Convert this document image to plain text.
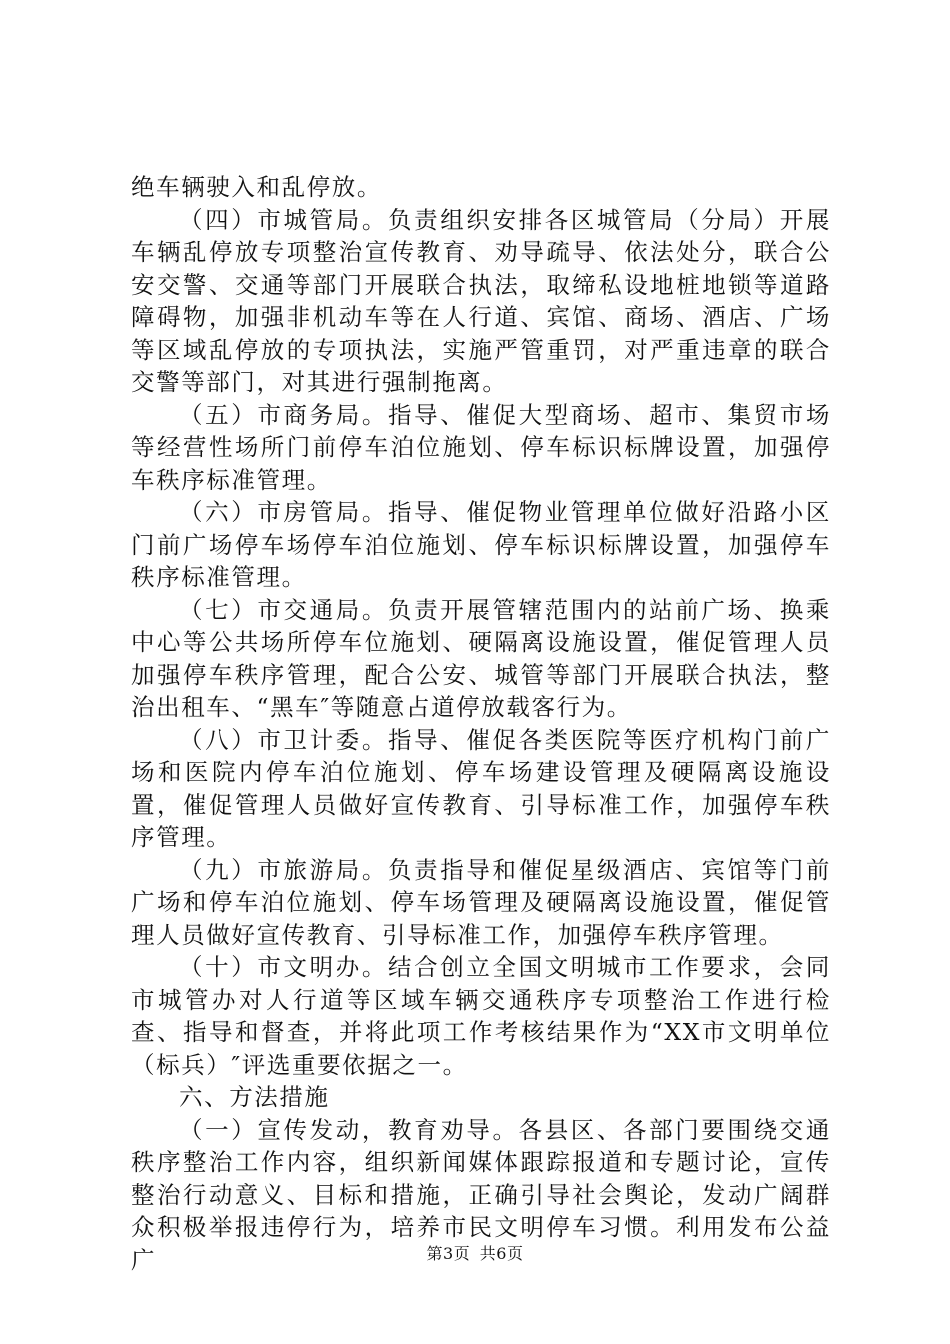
绝车辆驶入和乱停放。

（四）市城管局。负责组织安排各区城管局（分局）开展车辆乱停放专项整治宣传教育、劝导疏导、依法处分，联合公安交警、交通等部门开展联合执法，取缔私设地桩地锁等道路障碍物，加强非机动车等在人行道、宾馆、商场、酒店、广场等区域乱停放的专项执法，实施严管重罚，对严重违章的联合交警等部门，对其进行强制拖离。

（五）市商务局。指导、催促大型商场、超市、集贸市场等经营性场所门前停车泊位施划、停车标识标牌设置，加强停车秩序标准管理。

（六）市房管局。指导、催促物业管理单位做好沿路小区门前广场停车场停车泊位施划、停车标识标牌设置，加强停车秩序标准管理。

（七）市交通局。负责开展管辖范围内的站前广场、换乘中心等公共场所停车位施划、硬隔离设施设置，催促管理人员加强停车秩序管理，配合公安、城管等部门开展联合执法，整治出租车、“黑车″等随意占道停放载客行为。

（八）市卫计委。指导、催促各类医院等医疗机构门前广场和医院内停车泊位施划、停车场建设管理及硬隔离设施设置，催促管理人员做好宣传教育、引导标准工作，加强停车秩序管理。

（九）市旅游局。负责指导和催促星级酒店、宾馆等门前广场和停车泊位施划、停车场管理及硬隔离设施设置，催促管理人员做好宣传教育、引导标准工作，加强停车秩序管理。

（十）市文明办。结合创立全国文明城市工作要求，会同市城管办对人行道等区域车辆交通秩序专项整治工作进行检查、指导和督查，并将此项工作考核结果作为“XX市文明单位（标兵）″评选重要依据之一。

六、方法措施

（一）宣传发动，教育劝导。各县区、各部门要围绕交通秩序整治工作内容，组织新闻媒体跟踪报道和专题讨论，宣传整治行动意义、目标和措施，正确引导社会舆论，发动广阔群众积极举报违停行为，培养市民文明停车习惯。利用发布公益广	第3页 共6页
